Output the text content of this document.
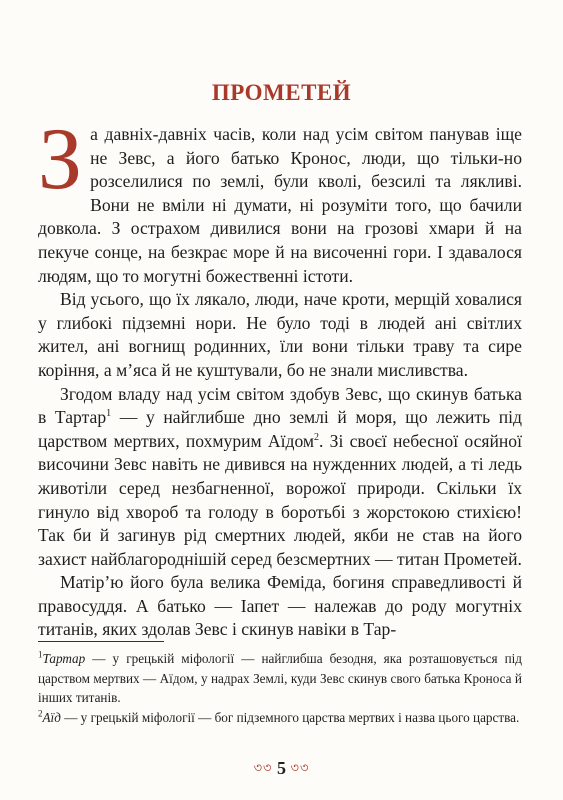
ПРОМЕТЕЙ

За давніх-давніх часів, коли над усім світом панував іще не Зевс, а його батько Кронос, люди, що тільки-но розселилися по землі, були кволі, безсилі та лякливі. Вони не вміли ні думати, ні розуміти того, що бачили довкола. З острахом дивилися вони на грозові хмари й на пекуче сонце, на безкрає море й на височенні гори. І здавалося людям, що то могутні божественні істоти.

Від усього, що їх лякало, люди, наче кроти, мерщій ховалися у глибокі підземні нори. Не було тоді в людей ані світлих жител, ані вогнищ родинних, їли вони тільки траву та сире коріння, а м’яса й не куштували, бо не знали мисливства.

Згодом владу над усім світом здобув Зевс, що скинув батька в Тартар$^1$ — у найглибше дно землі й моря, що лежить під царством мертвих, похмурим Аїдом$^2$. Зі своєї небесної осяйної височини Зевс навіть не дивився на нужденних людей, а ті ледь животіли серед незбагненної, ворожої природи. Скільки їх гинуло від хвороб та голоду в боротьбі з жорстокою стихією! Так би й загинув рід смертних людей, якби не став на його захист найблагороднішій серед безсмертних — титан Прометей.

Матір’ю його була велика Феміда, богиня справедливості й правосуддя. А батько — Іапет — належав до роду могутніх титанів, яких здолав Зевс і скинув навіки в Тар-

$^1$Тартар — у грецькій міфології — найглибша безодня, яка розташовується під царством мертвих — Аїдом, у надрах Землі, куди Зевс скинув свого батька Кроноса й інших титанів.

$^2$Аїд — у грецькій міфології — бог підземного царства мертвих і назва цього царства.

৩৩ 5 ৩৩
